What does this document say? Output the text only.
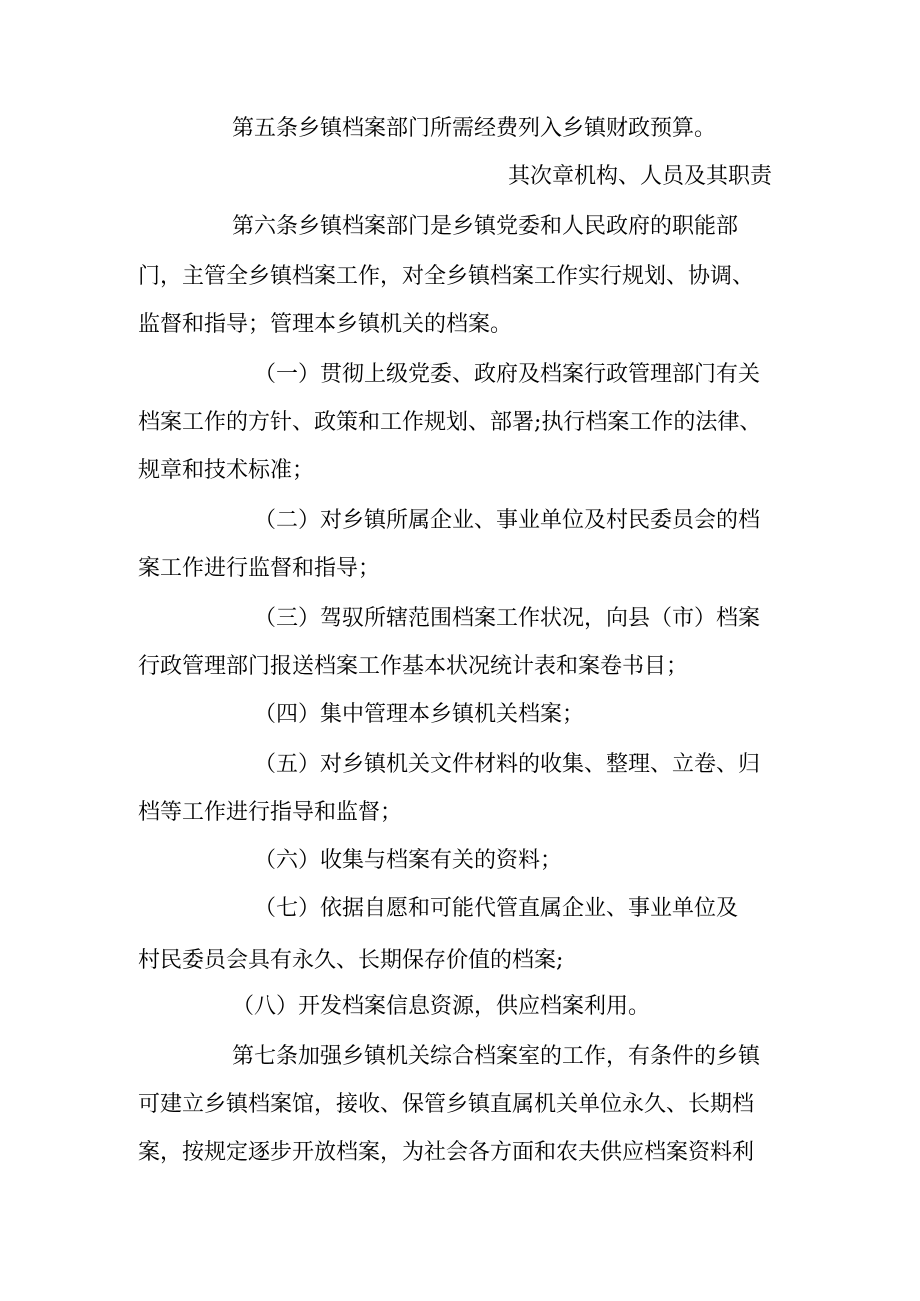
第五条乡镇档案部门所需经费列入乡镇财政预算。

其次章机构、人员及其职责

第六条乡镇档案部门是乡镇党委和人民政府的职能部

门，主管全乡镇档案工作，对全乡镇档案工作实行规划、协调、

监督和指导；管理本乡镇机关的档案。

（一）贯彻上级党委、政府及档案行政管理部门有关

档案工作的方针、政策和工作规划、部署;执行档案工作的法律、

规章和技术标准；

（二）对乡镇所属企业、事业单位及村民委员会的档

案工作进行监督和指导；

（三）驾驭所辖范围档案工作状况，向县（市）档案

行政管理部门报送档案工作基本状况统计表和案卷书目；

（四）集中管理本乡镇机关档案；

（五）对乡镇机关文件材料的收集、整理、立卷、归

档等工作进行指导和监督；

（六）收集与档案有关的资料；

（七）依据自愿和可能代管直属企业、事业单位及

村民委员会具有永久、长期保存价值的档案;

（八）开发档案信息资源，供应档案利用。

第七条加强乡镇机关综合档案室的工作，有条件的乡镇

可建立乡镇档案馆，接收、保管乡镇直属机关单位永久、长期档

案，按规定逐步开放档案，为社会各方面和农夫供应档案资料利
